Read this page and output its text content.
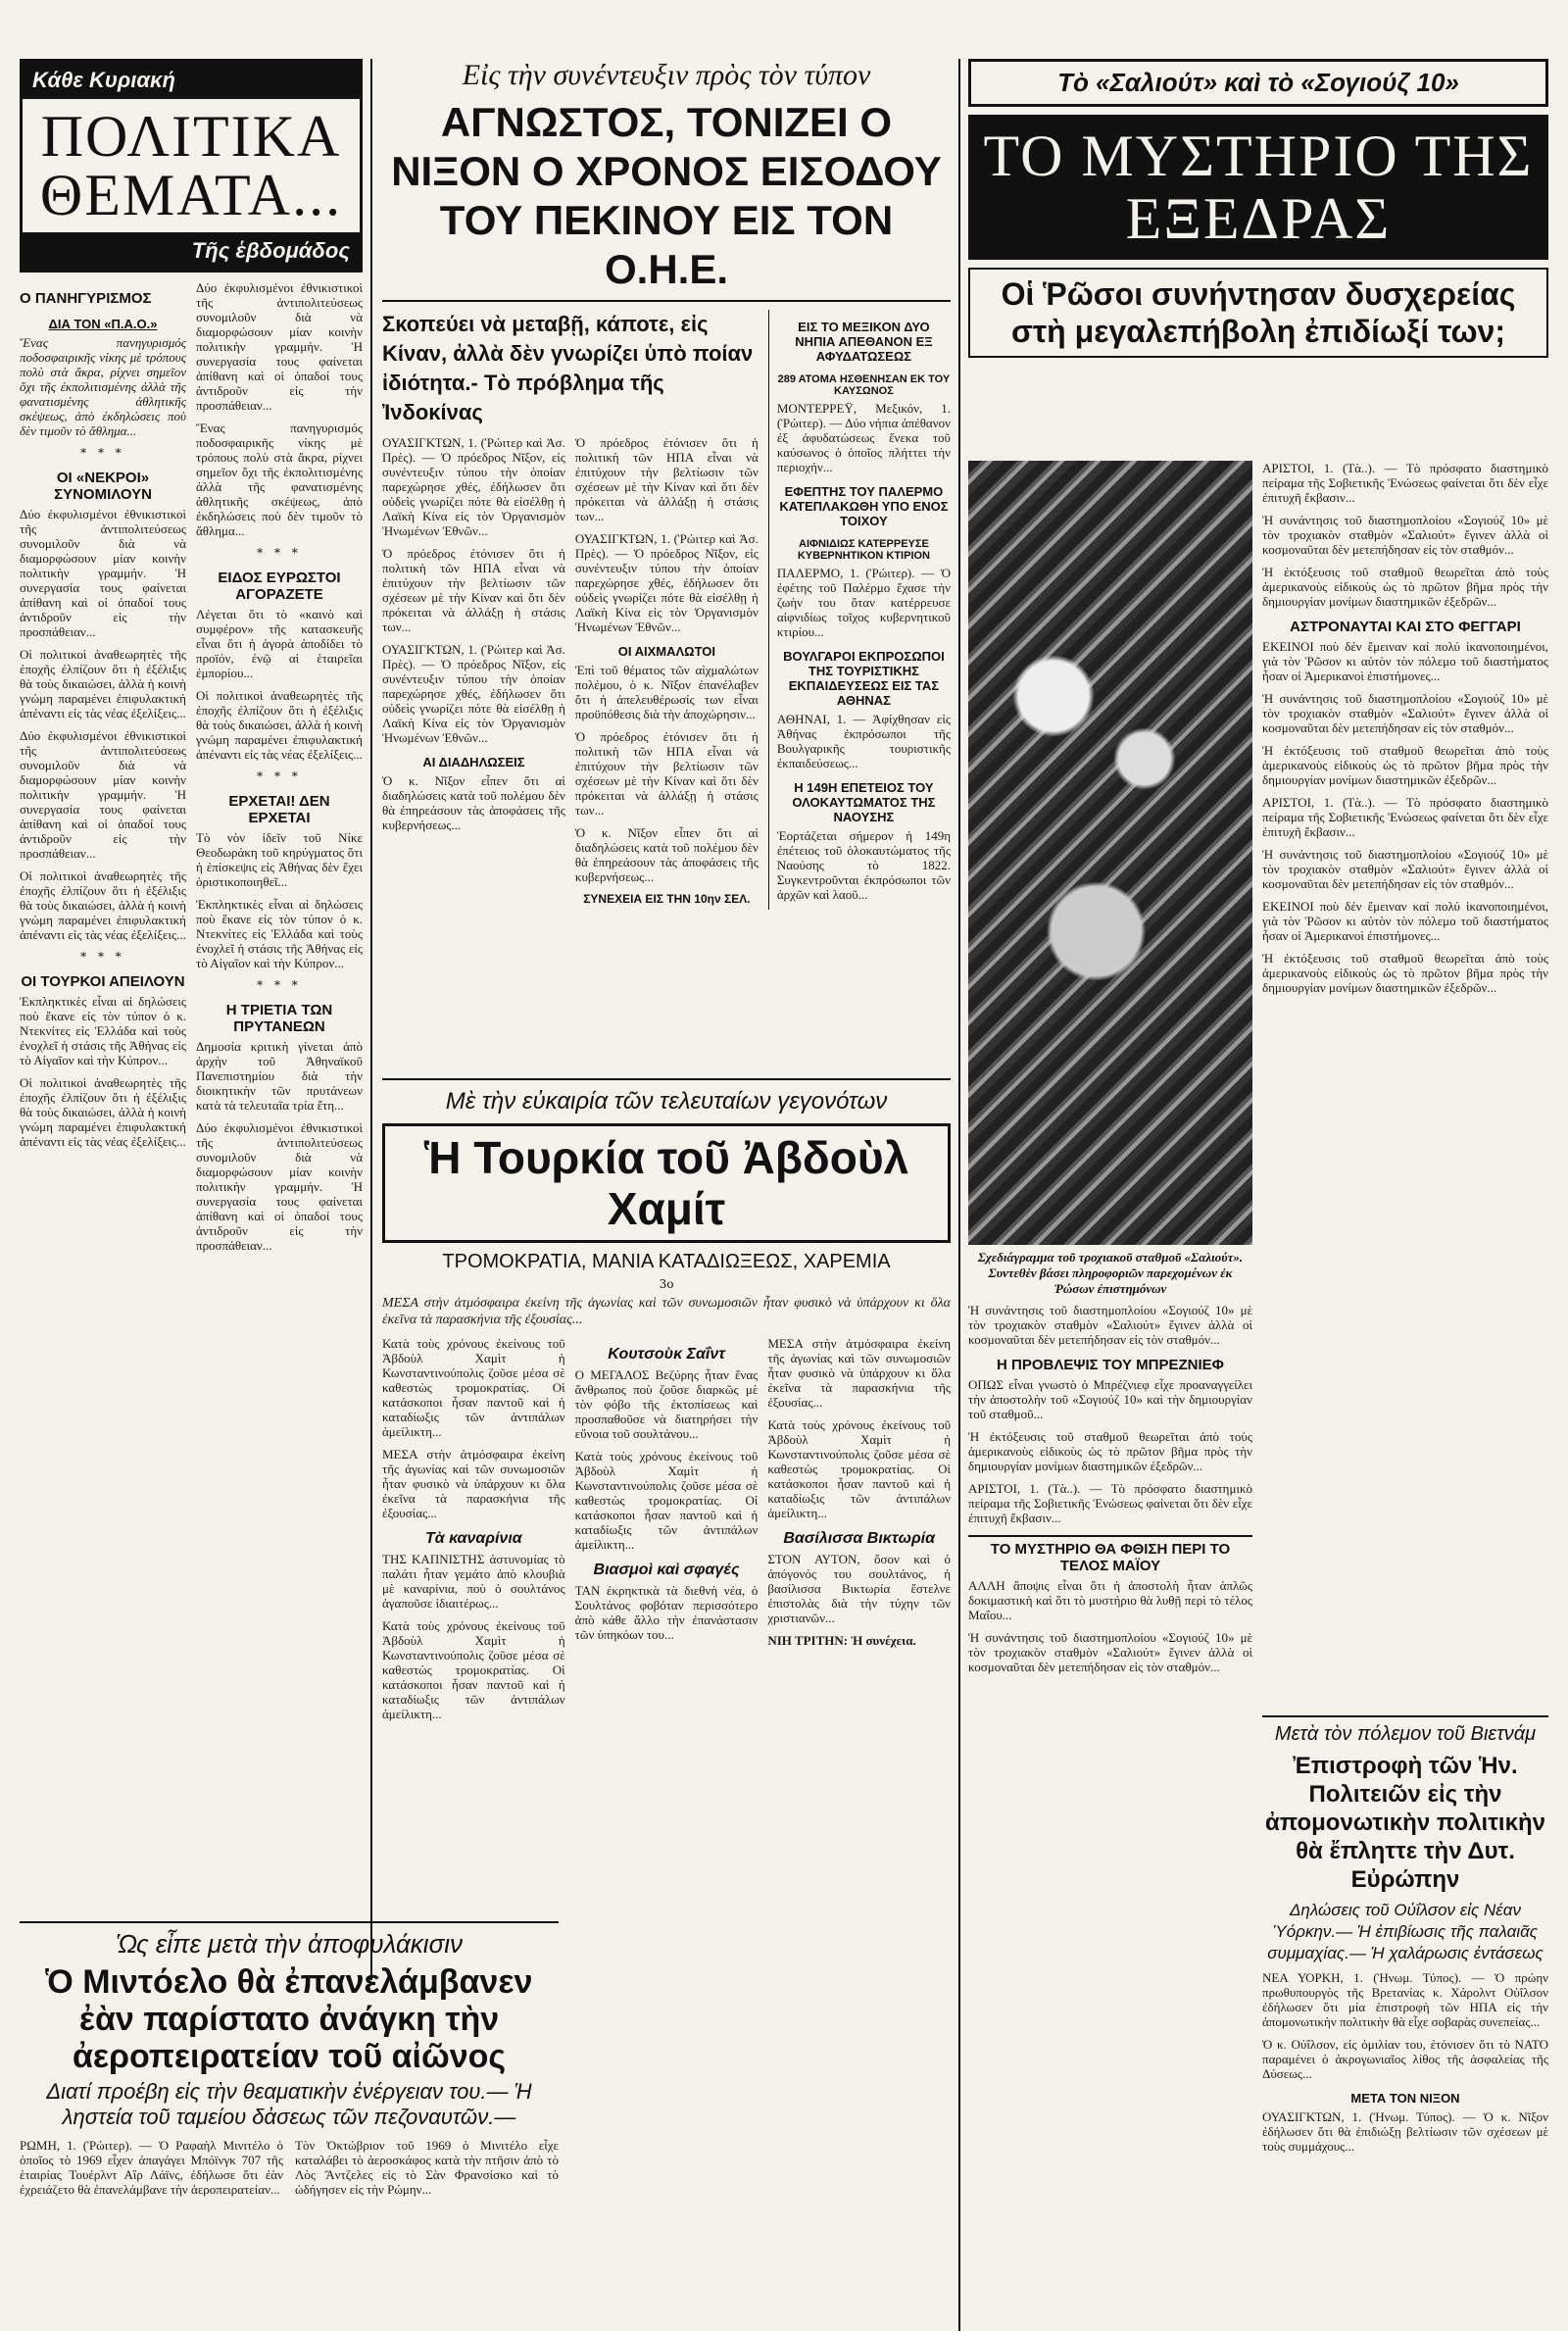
Κάθε Κυριακή
ΠΟΛΙΤΙΚΑ ΘΕΜΑΤΑ...
Τῆς ἑβδομάδος
Ο ΠΑΝΗΓΥΡΙΣΜΟΣ
ΔΙΑ ΤΟΝ «Π.Α.Ο.»

Ἕνας πανηγυρισμός ποδοσφαιρικῆς νίκης μὲ τρόπους πολὺ στὰ ἄκρα, ρίχνει σημεῖον ὅχι τῆς ἐκπολιτισμένης ἀλλὰ τῆς φανατισμένης ἀθλητικῆς σκέψεως, ἀπὸ ἐκδηλώσεις ποὺ δὲν τιμοῦν τὸ ἄθλημα...

* * *
ΟΙ «ΝΕΚΡΟΙ» ΣΥΝΟΜΙΛΟΥΝ

Δύο ἐκφυλισμένοι ἐθνικιστικοὶ τῆς ἀντιπολιτεύσεως συνομιλοῦν διὰ νὰ διαμορφώσουν μίαν κοινὴν πολιτικὴν γραμμήν. Ἡ συνεργασία τους φαίνεται ἀπίθανη καὶ οἱ ὀπαδοί τους ἀντιδροῦν εἰς τὴν προσπάθειαν...

Οἱ πολιτικοὶ ἀναθεωρητὲς τῆς ἐποχῆς ἐλπίζουν ὅτι ἡ ἐξέλιξις θὰ τοὺς δικαιώσει, ἀλλὰ ἡ κοινὴ γνώμη παραμένει ἐπιφυλακτική ἀπέναντι εἰς τὰς νέας ἐξελίξεις...

Δύο ἐκφυλισμένοι ἐθνικιστικοὶ τῆς ἀντιπολιτεύσεως συνομιλοῦν διὰ νὰ διαμορφώσουν μίαν κοινὴν πολιτικὴν γραμμήν. Ἡ συνεργασία τους φαίνεται ἀπίθανη καὶ οἱ ὀπαδοί τους ἀντιδροῦν εἰς τὴν προσπάθειαν...

Οἱ πολιτικοὶ ἀναθεωρητὲς τῆς ἐποχῆς ἐλπίζουν ὅτι ἡ ἐξέλιξις θὰ τοὺς δικαιώσει, ἀλλὰ ἡ κοινὴ γνώμη παραμένει ἐπιφυλακτική ἀπέναντι εἰς τὰς νέας ἐξελίξεις...

* * *
ΟΙ ΤΟΥΡΚΟΙ ΑΠΕΙΛΟΥΝ

Ἐκπληκτικὲς εἶναι αἱ δηλώσεις ποὺ ἔκανε εἰς τὸν τύπον ὁ κ. Ντεκνίτες εἰς Ἑλλάδα καὶ τοὺς ἐνοχλεῖ ἡ στάσις τῆς Ἀθήνας εἰς τὸ Αἰγαῖον καὶ τὴν Κύπρον...

Οἱ πολιτικοὶ ἀναθεωρητὲς τῆς ἐποχῆς ἐλπίζουν ὅτι ἡ ἐξέλιξις θὰ τοὺς δικαιώσει, ἀλλὰ ἡ κοινὴ γνώμη παραμένει ἐπιφυλακτική ἀπέναντι εἰς τὰς νέας ἐξελίξεις...

Δύο ἐκφυλισμένοι ἐθνικιστικοὶ τῆς ἀντιπολιτεύσεως συνομιλοῦν διὰ νὰ διαμορφώσουν μίαν κοινὴν πολιτικὴν γραμμήν. Ἡ συνεργασία τους φαίνεται ἀπίθανη καὶ οἱ ὀπαδοί τους ἀντιδροῦν εἰς τὴν προσπάθειαν...

Ἕνας πανηγυρισμός ποδοσφαιρικῆς νίκης μὲ τρόπους πολὺ στὰ ἄκρα, ρίχνει σημεῖον ὅχι τῆς ἐκπολιτισμένης ἀλλὰ τῆς φανατισμένης ἀθλητικῆς σκέψεως, ἀπὸ ἐκδηλώσεις ποὺ δὲν τιμοῦν τὸ ἄθλημα...

* * *
ΕΙΔΟΣ ΕΥΡΩΣΤΟΙ ΑΓΟΡΑΖΕΤΕ

Λέγεται ὅτι τὸ «καινὸ καὶ συμφέρον» τῆς κατασκευῆς εἶναι ὅτι ἡ ἀγορὰ ἀποδίδει τὸ προϊόν, ἐνῷ αἱ ἑταιρεῖαι ἐμπορίου...

Οἱ πολιτικοὶ ἀναθεωρητὲς τῆς ἐποχῆς ἐλπίζουν ὅτι ἡ ἐξέλιξις θὰ τοὺς δικαιώσει, ἀλλὰ ἡ κοινὴ γνώμη παραμένει ἐπιφυλακτική ἀπέναντι εἰς τὰς νέας ἐξελίξεις...

* * *
ΕΡΧΕΤΑΙ! ΔΕΝ ΕΡΧΕΤΑΙ

Τὸ νὸν ἰδεῖν τοῦ Νίκε Θεοδωράκη τοῦ κηρύγματος ὅτι ἡ ἐπίσκεψις εἰς Ἀθήνας δὲν ἔχει ὁριστικοποιηθεῖ...

Ἐκπληκτικὲς εἶναι αἱ δηλώσεις ποὺ ἔκανε εἰς τὸν τύπον ὁ κ. Ντεκνίτες εἰς Ἑλλάδα καὶ τοὺς ἐνοχλεῖ ἡ στάσις τῆς Ἀθήνας εἰς τὸ Αἰγαῖον καὶ τὴν Κύπρον...

* * *
Η ΤΡΙΕΤΙΑ ΤΩΝ ΠΡΥΤΑΝΕΩΝ

Δημοσία κριτικὴ γίνεται ἀπὸ ἀρχὴν τοῦ Ἀθηναϊκοῦ Πανεπιστημίου διὰ τὴν διοικητικὴν τῶν πρυτάνεων κατὰ τὰ τελευταῖα τρία ἔτη...

Δύο ἐκφυλισμένοι ἐθνικιστικοὶ τῆς ἀντιπολιτεύσεως συνομιλοῦν διὰ νὰ διαμορφώσουν μίαν κοινὴν πολιτικὴν γραμμήν. Ἡ συνεργασία τους φαίνεται ἀπίθανη καὶ οἱ ὀπαδοί τους ἀντιδροῦν εἰς τὴν προσπάθειαν...

Ὡς εἶπε μετὰ τὴν ἀποφυλάκισιν
Ὁ Μιντόελο θὰ ἐπανελάμβανεν ἐὰν παρίστατο ἀνάγκη τὴν ἀεροπειρατείαν τοῦ αἰῶνος
Διατί προέβη εἰς τὴν θεαματικὴν ἐνέργειαν του.— Ἡ ληστεία τοῦ ταμείου δἀσεως τῶν πεζοναυτῶν.—

ΡΩΜΗ, 1. (Ῥώιτερ). — Ὁ Ραφαὴλ Μινιτέλο ὁ ὁποῖος τὸ 1969 εἶχεν ἀπαγάγει Μπόϊνγκ 707 τῆς ἑταιρίας Τουέρλντ Αἲρ Λάϊνς, ἐδήλωσε ὅτι ἐὰν ἐχρειάζετο θὰ ἐπανελάμβανε τὴν ἀεροπειρατείαν...

Τὸν Ὀκτώβριον τοῦ 1969 ὁ Μινιτέλο εἶχε καταλάβει τὸ ἀεροσκάφος κατὰ τὴν πτῆσιν ἀπὸ τὸ Λὸς Ἄντζελες εἰς τὸ Σὰν Φρανσίσκο καὶ τὸ ὡδήγησεν εἰς τὴν Ρώμην...

Εἰς τὴν συνέντευξιν πρὸς τὸν τύπον
ΑΓΝΩΣΤΟΣ, ΤΟΝΙΖΕΙ Ο ΝΙΞΟΝ Ο ΧΡΟΝΟΣ ΕΙΣΟΔΟΥ ΤΟΥ ΠΕΚΙΝΟΥ ΕΙΣ ΤΟΝ Ο.Η.Ε.
Σκοπεύει νὰ μεταβῇ, κάποτε, εἰς Κίναν, ἀλλὰ δὲν γνωρίζει ὑπὸ ποίαν ἰδιότητα.- Τὸ πρόβλημα τῆς Ἰνδοκίνας

ΟΥΑΣΙΓΚΤΩΝ, 1. (Ῥώιτερ καὶ Ἀσ. Πρὲς). — Ὁ πρόεδρος Νῖξον, εἰς συνέντευξιν τύπου τὴν ὁποίαν παρεχώρησε χθές, ἐδήλωσεν ὅτι οὐδεὶς γνωρίζει πότε θὰ εἰσέλθῃ ἡ Λαϊκὴ Κίνα εἰς τὸν Ὀργανισμὸν Ἡνωμένων Ἐθνῶν...

Ὁ πρόεδρος ἐτόνισεν ὅτι ἡ πολιτικὴ τῶν ΗΠΑ εἶναι νὰ ἐπιτύχουν τὴν βελτίωσιν τῶν σχέσεων μὲ τὴν Κίναν καὶ ὅτι δὲν πρόκειται νὰ ἀλλάξῃ ἡ στάσις των...

ΟΥΑΣΙΓΚΤΩΝ, 1. (Ῥώιτερ καὶ Ἀσ. Πρὲς). — Ὁ πρόεδρος Νῖξον, εἰς συνέντευξιν τύπου τὴν ὁποίαν παρεχώρησε χθές, ἐδήλωσεν ὅτι οὐδεὶς γνωρίζει πότε θὰ εἰσέλθῃ ἡ Λαϊκὴ Κίνα εἰς τὸν Ὀργανισμὸν Ἡνωμένων Ἐθνῶν...

ΑΙ ΔΙΑΔΗΛΩΣΕΙΣ

Ὁ κ. Νῖξον εἶπεν ὅτι αἱ διαδηλώσεις κατὰ τοῦ πολέμου δὲν θὰ ἐπηρεάσουν τὰς ἀποφάσεις τῆς κυβερνήσεως...

Ὁ πρόεδρος ἐτόνισεν ὅτι ἡ πολιτικὴ τῶν ΗΠΑ εἶναι νὰ ἐπιτύχουν τὴν βελτίωσιν τῶν σχέσεων μὲ τὴν Κίναν καὶ ὅτι δὲν πρόκειται νὰ ἀλλάξῃ ἡ στάσις των...

ΟΥΑΣΙΓΚΤΩΝ, 1. (Ῥώιτερ καὶ Ἀσ. Πρὲς). — Ὁ πρόεδρος Νῖξον, εἰς συνέντευξιν τύπου τὴν ὁποίαν παρεχώρησε χθές, ἐδήλωσεν ὅτι οὐδεὶς γνωρίζει πότε θὰ εἰσέλθῃ ἡ Λαϊκὴ Κίνα εἰς τὸν Ὀργανισμὸν Ἡνωμένων Ἐθνῶν...

ΟΙ ΑΙΧΜΑΛΩΤΟΙ

Ἐπὶ τοῦ θέματος τῶν αἰχμαλώτων πολέμου, ὁ κ. Νῖξον ἐπανέλαβεν ὅτι ἡ ἀπελευθέρωσίς των εἶναι προϋπόθεσις διὰ τὴν ἀποχώρησιν...

Ὁ πρόεδρος ἐτόνισεν ὅτι ἡ πολιτικὴ τῶν ΗΠΑ εἶναι νὰ ἐπιτύχουν τὴν βελτίωσιν τῶν σχέσεων μὲ τὴν Κίναν καὶ ὅτι δὲν πρόκειται νὰ ἀλλάξῃ ἡ στάσις των...

Ὁ κ. Νῖξον εἶπεν ὅτι αἱ διαδηλώσεις κατὰ τοῦ πολέμου δὲν θὰ ἐπηρεάσουν τὰς ἀποφάσεις τῆς κυβερνήσεως...

ΣΥΝΕΧΕΙΑ ΕΙΣ ΤΗΝ 10ην ΣΕΛ.
ΕΙΣ ΤΟ ΜΕΞΙΚΟΝ ΔΥΟ ΝΗΠΙΑ ΑΠΕΘΑΝΟΝ ΕΞ ΑΦΥΔΑΤΩΣΕΩΣ
289 ΑΤΟΜΑ ΗΣΘΕΝΗΣΑΝ ΕΚ ΤΟΥ ΚΑΥΣΩΝΟΣ

ΜΟΝΤΕΡΡΕΫ, Μεξικόν, 1. (Ῥώιτερ). — Δύο νήπια ἀπέθανον ἐξ ἀφυδατώσεως ἕνεκα τοῦ καύσωνος ὁ ὁποῖος πλήττει τὴν περιοχήν...

ΕΦΕΠΤΗΣ ΤΟΥ ΠΑΛΕΡΜΟ ΚΑΤΕΠΛΑΚΩΘΗ ΥΠΟ ΕΝΟΣ ΤΟΙΧΟΥ
ΑΙΦΝΙΔΙΩΣ ΚΑΤΕΡΡΕΥΣΕ ΚΥΒΕΡΝΗΤΙΚΟΝ ΚΤΙΡΙΟΝ

ΠΑΛΕΡΜΟ, 1. (Ῥώιτερ). — Ὁ ἐφέτης τοῦ Παλέρμο ἔχασε τὴν ζωὴν του ὅταν κατέρρευσε αἰφνιδίως τοῖχος κυβερνητικοῦ κτιρίου...

ΒΟΥΛΓΑΡΟΙ ΕΚΠΡΟΣΩΠΟΙ ΤΗΣ ΤΟΥΡΙΣΤΙΚΗΣ ΕΚΠΑΙΔΕΥΣΕΩΣ ΕΙΣ ΤΑΣ ΑΘΗΝΑΣ

ΑΘΗΝΑΙ, 1. — Ἀφίχθησαν εἰς Ἀθήνας ἐκπρόσωποι τῆς Βουλγαρικῆς τουριστικῆς ἐκπαιδεύσεως...

Η 149Η ΕΠΕΤΕΙΟΣ ΤΟΥ ΟΛΟΚΑΥΤΩΜΑΤΟΣ ΤΗΣ ΝΑΟΥΣΗΣ

Ἑορτάζεται σήμερον ἡ 149η ἐπέτειος τοῦ ὁλοκαυτώματος τῆς Ναούσης τὸ 1822. Συγκεντροῦνται ἐκπρόσωποι τῶν ἀρχῶν καὶ λαοῦ...

Μὲ τὴν εὐκαιρία τῶν τελευταίων γεγονότων
Ἡ Τουρκία τοῦ Ἀβδοὺλ Χαμίτ
ΤΡΟΜΟΚΡΑΤΙΑ, ΜΑΝΙΑ ΚΑΤΑΔΙΩΞΕΩΣ, ΧΑΡΕΜΙΑ
3ο

ΜΕΣΑ στὴν ἀτμόσφαιρα ἐκείνη τῆς ἀγωνίας καὶ τῶν συνωμοσιῶν ἦταν φυσικὸ νὰ ὑπάρχουν κι ὅλα ἐκεῖνα τὰ παρασκήνια τῆς ἐξουσίας...

Κατὰ τοὺς χρόνους ἐκείνους τοῦ Ἀβδοὺλ Χαμὶτ ἡ Κωνσταντινούπολις ζοῦσε μέσα σὲ καθεστὼς τρομοκρατίας. Οἱ κατάσκοποι ἦσαν παντοῦ καὶ ἡ καταδίωξις τῶν ἀντιπάλων ἀμείλικτη...

ΜΕΣΑ στὴν ἀτμόσφαιρα ἐκείνη τῆς ἀγωνίας καὶ τῶν συνωμοσιῶν ἦταν φυσικὸ νὰ ὑπάρχουν κι ὅλα ἐκεῖνα τὰ παρασκήνια τῆς ἐξουσίας...

Τὰ καναρίνια

ΤΗΣ ΚΑΠΝΙΣΤΗΣ ἀστυνομίας τὸ παλάτι ἦταν γεμάτο ἀπὸ κλουβιὰ μὲ καναρίνια, ποὺ ὁ σουλτάνος ἀγαποῦσε ἰδιαιτέρως...

Κατὰ τοὺς χρόνους ἐκείνους τοῦ Ἀβδοὺλ Χαμὶτ ἡ Κωνσταντινούπολις ζοῦσε μέσα σὲ καθεστὼς τρομοκρατίας. Οἱ κατάσκοποι ἦσαν παντοῦ καὶ ἡ καταδίωξις τῶν ἀντιπάλων ἀμείλικτη...

Κουτσοὺκ Σαΐντ

Ο ΜΕΓΑΛΟΣ Βεζύρης ἦταν ἕνας ἄνθρωπος ποὺ ζοῦσε διαρκῶς μὲ τὸν φόβο τῆς ἐκτοπίσεως καὶ προσπαθοῦσε νὰ διατηρήσει τὴν εὔνοια τοῦ σουλτάνου...

Κατὰ τοὺς χρόνους ἐκείνους τοῦ Ἀβδοὺλ Χαμὶτ ἡ Κωνσταντινούπολις ζοῦσε μέσα σὲ καθεστὼς τρομοκρατίας. Οἱ κατάσκοποι ἦσαν παντοῦ καὶ ἡ καταδίωξις τῶν ἀντιπάλων ἀμείλικτη...

Βιασμοὶ καὶ σφαγές

ΤΑΝ ἐκρηκτικὰ τὰ διεθνὴ νέα, ὁ Σουλτάνος φοβόταν περισσότερο ἀπὸ κάθε ἄλλο τὴν ἐπανάστασιν τῶν ὑπηκόων του...

ΜΕΣΑ στὴν ἀτμόσφαιρα ἐκείνη τῆς ἀγωνίας καὶ τῶν συνωμοσιῶν ἦταν φυσικὸ νὰ ὑπάρχουν κι ὅλα ἐκεῖνα τὰ παρασκήνια τῆς ἐξουσίας...

Κατὰ τοὺς χρόνους ἐκείνους τοῦ Ἀβδοὺλ Χαμὶτ ἡ Κωνσταντινούπολις ζοῦσε μέσα σὲ καθεστὼς τρομοκρατίας. Οἱ κατάσκοποι ἦσαν παντοῦ καὶ ἡ καταδίωξις τῶν ἀντιπάλων ἀμείλικτη...

Βασίλισσα Βικτωρία

ΣΤΟΝ ΑΥΤΟΝ, ὅσον καὶ ὁ ἀπόγονός του σουλτάνος, ἡ βασίλισσα Βικτωρία ἔστελνε ἐπιστολὰς διὰ τὴν τύχην τῶν χριστιανῶν...

ΝΙΗ ΤΡΙΤΗΝ: Ἡ συνέχεια.

Τὸ «Σαλιούτ» καὶ τὸ «Σογιούζ 10»
ΤΟ ΜΥΣΤΗΡΙΟ ΤΗΣ ΕΞΕΔΡΑΣ
Οἱ Ῥῶσοι συνήντησαν δυσχερείας στὴ μεγαλεπήβολη ἐπιδίωξί των;

ΑΡΙΣΤΟΙ, 1. (Τὰ..). — Τὸ πρόσφατο διαστημικὸ πείραμα τῆς Σοβιετικῆς Ἑνώσεως φαίνεται ὅτι δὲν εἶχε ἐπιτυχῆ ἔκβασιν...

Ἡ συνάντησις τοῦ διαστημοπλοίου «Σογιούζ 10» μὲ τὸν τροχιακὸν σταθμὸν «Σαλιούτ» ἔγινεν ἀλλὰ οἱ κοσμοναῦται δὲν μετεπήδησαν εἰς τὸν σταθμόν...

Ἡ ἐκτόξευσις τοῦ σταθμοῦ θεωρεῖται ἀπὸ τοὺς ἀμερικανοὺς εἰδικοὺς ὡς τὸ πρῶτον βῆμα πρὸς τὴν δημιουργίαν μονίμων διαστημικῶν ἐξεδρῶν...

ΑΣΤΡΟΝΑΥΤΑΙ ΚΑΙ ΣΤΟ ΦΕΓΓΑΡΙ

ΕΚΕΙΝΟΙ ποὺ δέν ἔμειναν καί πολύ ἱκανοποιημένοι, γιὰ τὸν Ῥῶσον κι αὐτὸν τὸν πόλεμο τοῦ διαστήματος ἦσαν οἱ Ἀμερικανοὶ ἐπιστήμονες...

Ἡ συνάντησις τοῦ διαστημοπλοίου «Σογιούζ 10» μὲ τὸν τροχιακὸν σταθμὸν «Σαλιούτ» ἔγινεν ἀλλὰ οἱ κοσμοναῦται δὲν μετεπήδησαν εἰς τὸν σταθμόν...

Ἡ ἐκτόξευσις τοῦ σταθμοῦ θεωρεῖται ἀπὸ τοὺς ἀμερικανοὺς εἰδικοὺς ὡς τὸ πρῶτον βῆμα πρὸς τὴν δημιουργίαν μονίμων διαστημικῶν ἐξεδρῶν...

ΑΡΙΣΤΟΙ, 1. (Τὰ..). — Τὸ πρόσφατο διαστημικὸ πείραμα τῆς Σοβιετικῆς Ἑνώσεως φαίνεται ὅτι δὲν εἶχε ἐπιτυχῆ ἔκβασιν...

Ἡ συνάντησις τοῦ διαστημοπλοίου «Σογιούζ 10» μὲ τὸν τροχιακὸν σταθμὸν «Σαλιούτ» ἔγινεν ἀλλὰ οἱ κοσμοναῦται δὲν μετεπήδησαν εἰς τὸν σταθμόν...

ΕΚΕΙΝΟΙ ποὺ δέν ἔμειναν καί πολύ ἱκανοποιημένοι, γιὰ τὸν Ῥῶσον κι αὐτὸν τὸν πόλεμο τοῦ διαστήματος ἦσαν οἱ Ἀμερικανοὶ ἐπιστήμονες...

Ἡ ἐκτόξευσις τοῦ σταθμοῦ θεωρεῖται ἀπὸ τοὺς ἀμερικανοὺς εἰδικοὺς ὡς τὸ πρῶτον βῆμα πρὸς τὴν δημιουργίαν μονίμων διαστημικῶν ἐξεδρῶν...

Σχεδιάγραμμα τοῦ τροχιακοῦ σταθμοῦ «Σαλιούτ». Συντεθὲν βάσει πληροφοριῶν παρεχομένων ἐκ Ῥώσων ἐπιστημόνων

Ἡ συνάντησις τοῦ διαστημοπλοίου «Σογιούζ 10» μὲ τὸν τροχιακὸν σταθμὸν «Σαλιούτ» ἔγινεν ἀλλὰ οἱ κοσμοναῦται δὲν μετεπήδησαν εἰς τὸν σταθμόν...

Η ΠΡΟΒΛΕΨΙΣ ΤΟΥ ΜΠΡΕΖΝΙΕΦ

ΟΠΩΣ εἶναι γνωστὸ ὁ Μπρέζνιεφ εἶχε προαναγγείλει τὴν ἀποστολὴν τοῦ «Σογιούζ 10» καὶ τὴν δημιουργίαν τοῦ σταθμοῦ...

Ἡ ἐκτόξευσις τοῦ σταθμοῦ θεωρεῖται ἀπὸ τοὺς ἀμερικανοὺς εἰδικοὺς ὡς τὸ πρῶτον βῆμα πρὸς τὴν δημιουργίαν μονίμων διαστημικῶν ἐξεδρῶν...

ΑΡΙΣΤΟΙ, 1. (Τὰ..). — Τὸ πρόσφατο διαστημικὸ πείραμα τῆς Σοβιετικῆς Ἑνώσεως φαίνεται ὅτι δὲν εἶχε ἐπιτυχῆ ἔκβασιν...

ΤΟ ΜΥΣΤΗΡΙΟ ΘΑ ΦΘΙΣΗ ΠΕΡΙ ΤΟ ΤΕΛΟΣ ΜΑΪΟΥ

ΑΛΛΗ ἄποψις εἶναι ὅτι ἡ ἀποστολὴ ἦταν ἁπλῶς δοκιμαστικὴ καὶ ὅτι τὸ μυστήριο θὰ λυθῇ περὶ τὸ τέλος Μαΐου...

Ἡ συνάντησις τοῦ διαστημοπλοίου «Σογιούζ 10» μὲ τὸν τροχιακὸν σταθμὸν «Σαλιούτ» ἔγινεν ἀλλὰ οἱ κοσμοναῦται δὲν μετεπήδησαν εἰς τὸν σταθμόν...

Μετὰ τὸν πόλεμον τοῦ Βιετνάμ
Ἐπιστροφὴ τῶν Ἡν. Πολιτειῶν εἰς τὴν ἀπομονωτικὴν πολιτικὴν θὰ ἔπληττε τὴν Δυτ. Εὐρώπην
Δηλώσεις τοῦ Οὐΐλσον εἰς Νέαν Ὑόρκην.— Ἡ ἐπιβίωσις τῆς παλαιᾶς συμμαχίας.— Ἡ χαλάρωσις ἐντάσεως

ΝΕΑ ΥΟΡΚΗ, 1. (Ἡνωμ. Τύπος). — Ὁ πρώην πρωθυπουργὸς τῆς Βρετανίας κ. Χάρολντ Οὐΐλσον ἐδήλωσεν ὅτι μία ἐπιστροφὴ τῶν ΗΠΑ εἰς τὴν ἀπομονωτικὴν πολιτικὴν θὰ εἶχε σοβαρὰς συνεπείας...

Ὁ κ. Οὐΐλσον, εἰς ὁμιλίαν του, ἐτόνισεν ὅτι τὸ ΝΑΤΟ παραμένει ὁ ἀκρογωνιαῖος λίθος τῆς ἀσφαλείας τῆς Δύσεως...

ΜΕΤΑ ΤΟΝ ΝΙΞΟΝ

ΟΥΑΣΙΓΚΤΩΝ, 1. (Ἡνωμ. Τύπος). — Ὁ κ. Νῖξον ἐδήλωσεν ὅτι θὰ ἐπιδιώξῃ βελτίωσιν τῶν σχέσεων μὲ τοὺς συμμάχους...
